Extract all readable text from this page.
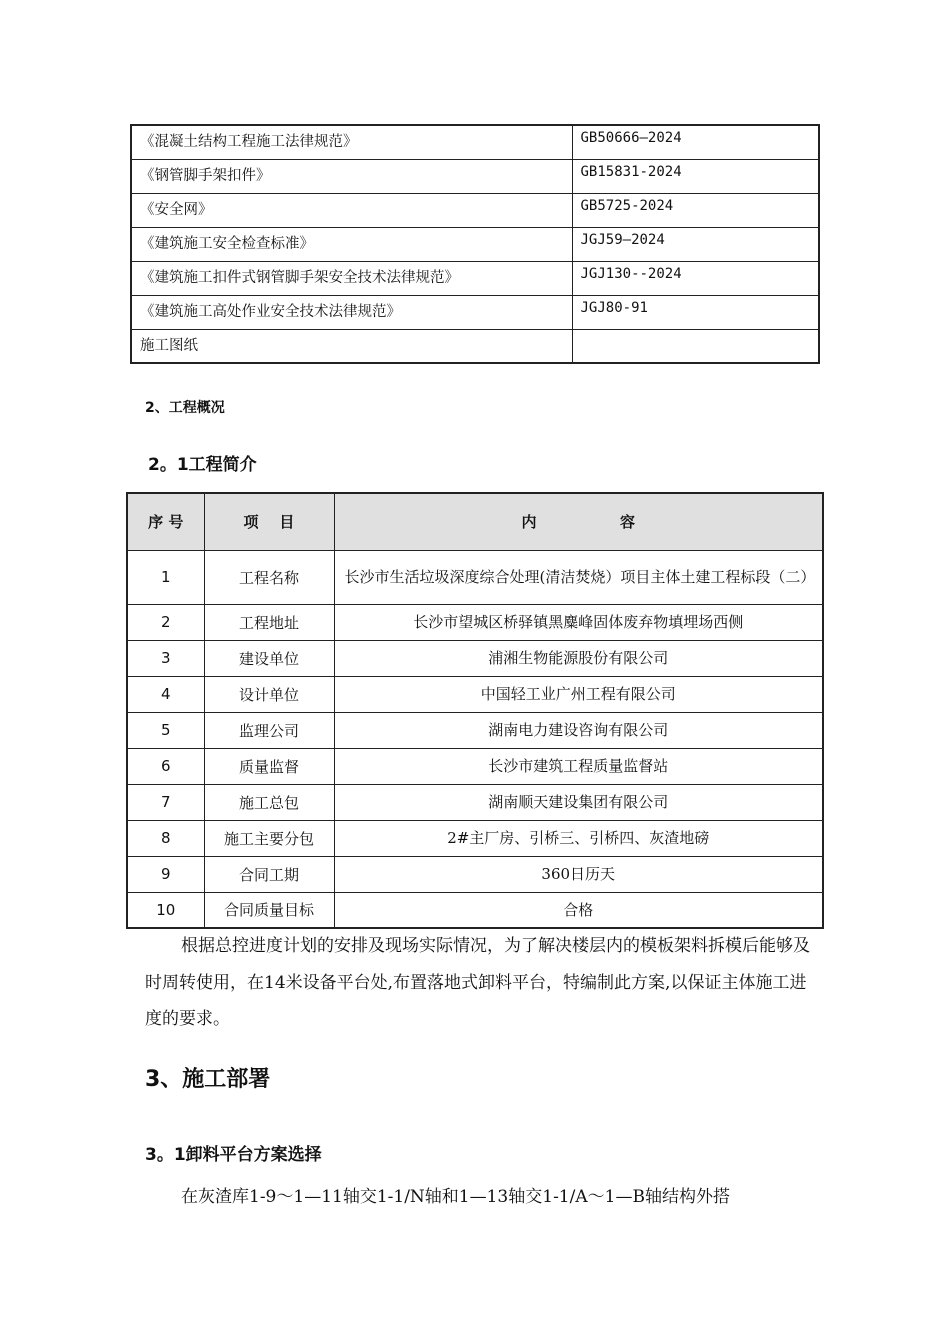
《混凝土结构工程施工法律规范》	GB50666—2024
《钢管脚手架扣件》	GB15831-2024
《安全网》	GB5725-2024
《建筑施工安全检查标准》	JGJ59—2024
《建筑施工扣件式钢管脚手架安全技术法律规范》	JGJ130--2024
《建筑施工高处作业安全技术法律规范》	JGJ80-91
施工图纸	
2、工程概况
2。1工程简介
序 号	项    目	内                容
1	工程名称	长沙市生活垃圾深度综合处理(清洁焚烧）项目主体土建工程标段（二）
2	工程地址	长沙市望城区桥驿镇黑麋峰固体废弃物填埋场西侧
3	建设单位	浦湘生物能源股份有限公司
4	设计单位	中国轻工业广州工程有限公司
5	监理公司	湖南电力建设咨询有限公司
6	质量监督	长沙市建筑工程质量监督站
7	施工总包	湖南顺天建设集团有限公司
8	施工主要分包	2#主厂房、引桥三、引桥四、灰渣地磅
9	合同工期	360日历天
10	合同质量目标	合格

根据总控进度计划的安排及现场实际情况，为了解决楼层内的模板架料拆模后能够及时周转使用，在14米设备平台处,布置落地式卸料平台，特编制此方案,以保证主体施工进度的要求。

3、施工部署
3。1卸料平台方案选择

在灰渣库1-9～1—11轴交1-1/N轴和1—13轴交1-1/A～1—B轴结构外搭
